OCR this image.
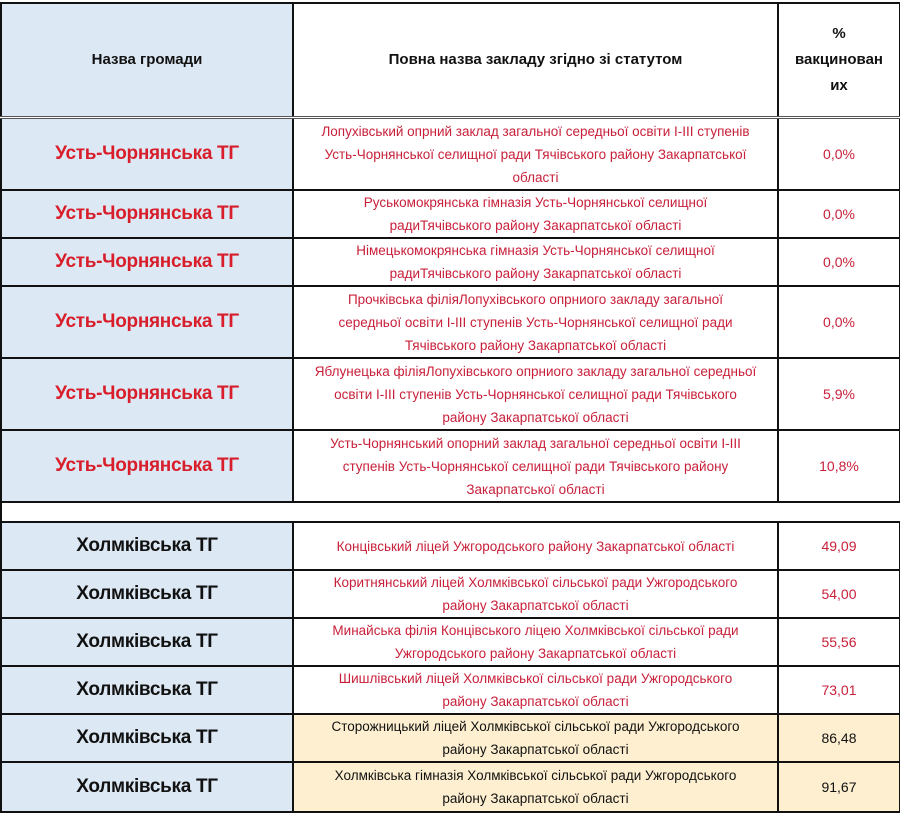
Назва громади	Повна назва закладу згідно зі статутом	%
вакцинован
их

Усть-Чорнянська ТГ	Лопухівський опрний заклад загальної середньої освіти І-ІІІ ступенів
Усть-Чорнянської селищної ради Тячівського району Закарпатської
області	0,0%
Усть-Чорнянська ТГ	Руськомокрянська гімназія Усть-Чорнянської селищної
радиТячівського району Закарпатської області	0,0%
Усть-Чорнянська ТГ	Німецькомокрянська гімназія Усть-Чорнянської селищної
радиТячівського району Закарпатської області	0,0%
Усть-Чорнянська ТГ	Прочківська філіяЛопухівського опрниого закладу загальної
середньої освіти І-ІІІ ступенів Усть-Чорнянської селищної ради
Тячівського району Закарпатської області	0,0%
Усть-Чорнянська ТГ	Яблунецька філіяЛопухівського опрниого закладу загальної середньої
освіти І-ІІІ ступенів Усть-Чорнянської селищної ради Тячівського
району Закарпатської області	5,9%
Усть-Чорнянська ТГ	Усть-Чорнянський опорний заклад загальної середньої освіти І-ІІІ
ступенів Усть-Чорнянської селищної ради Тячівського району
Закарпатської області	10,8%

Холмківська ТГ	Концівський ліцей Ужгородського району Закарпатської області	49,09
Холмківська ТГ	Коритнянський ліцей Холмківської сільської ради Ужгородського
району Закарпатської області	54,00
Холмківська ТГ	Минайська філія Концівського ліцею Холмківської сільської ради
Ужгородського району Закарпатської області	55,56
Холмківська ТГ	Шишлівський ліцей Холмківської сільської ради Ужгородського
району Закарпатської області	73,01
Холмківська ТГ	Сторожницький ліцей Холмківської сільської ради Ужгородського
району Закарпатської області	86,48
Холмківська ТГ	Холмківська гімназія Холмківської сільської ради Ужгородського
району Закарпатської області	91,67
